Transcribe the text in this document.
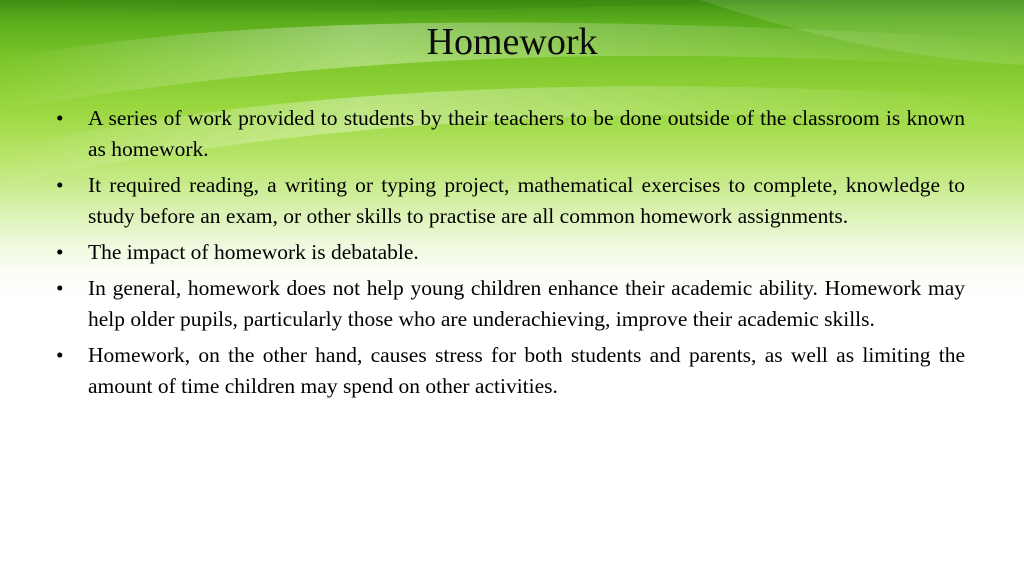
Homework
•	A series of work provided to students by their teachers to be done outside of the classroom is known as homework.
•	It required reading, a writing or typing project, mathematical exercises to complete, knowledge to study before an exam, or other skills to practise are all common homework assignments.
•	The impact of homework is debatable.
•	In general, homework does not help young children enhance their academic ability. Homework may help older pupils, particularly those who are underachieving, improve their academic skills.
•	Homework, on the other hand, causes stress for both students and parents, as well as limiting the amount of time children may spend on other activities.
